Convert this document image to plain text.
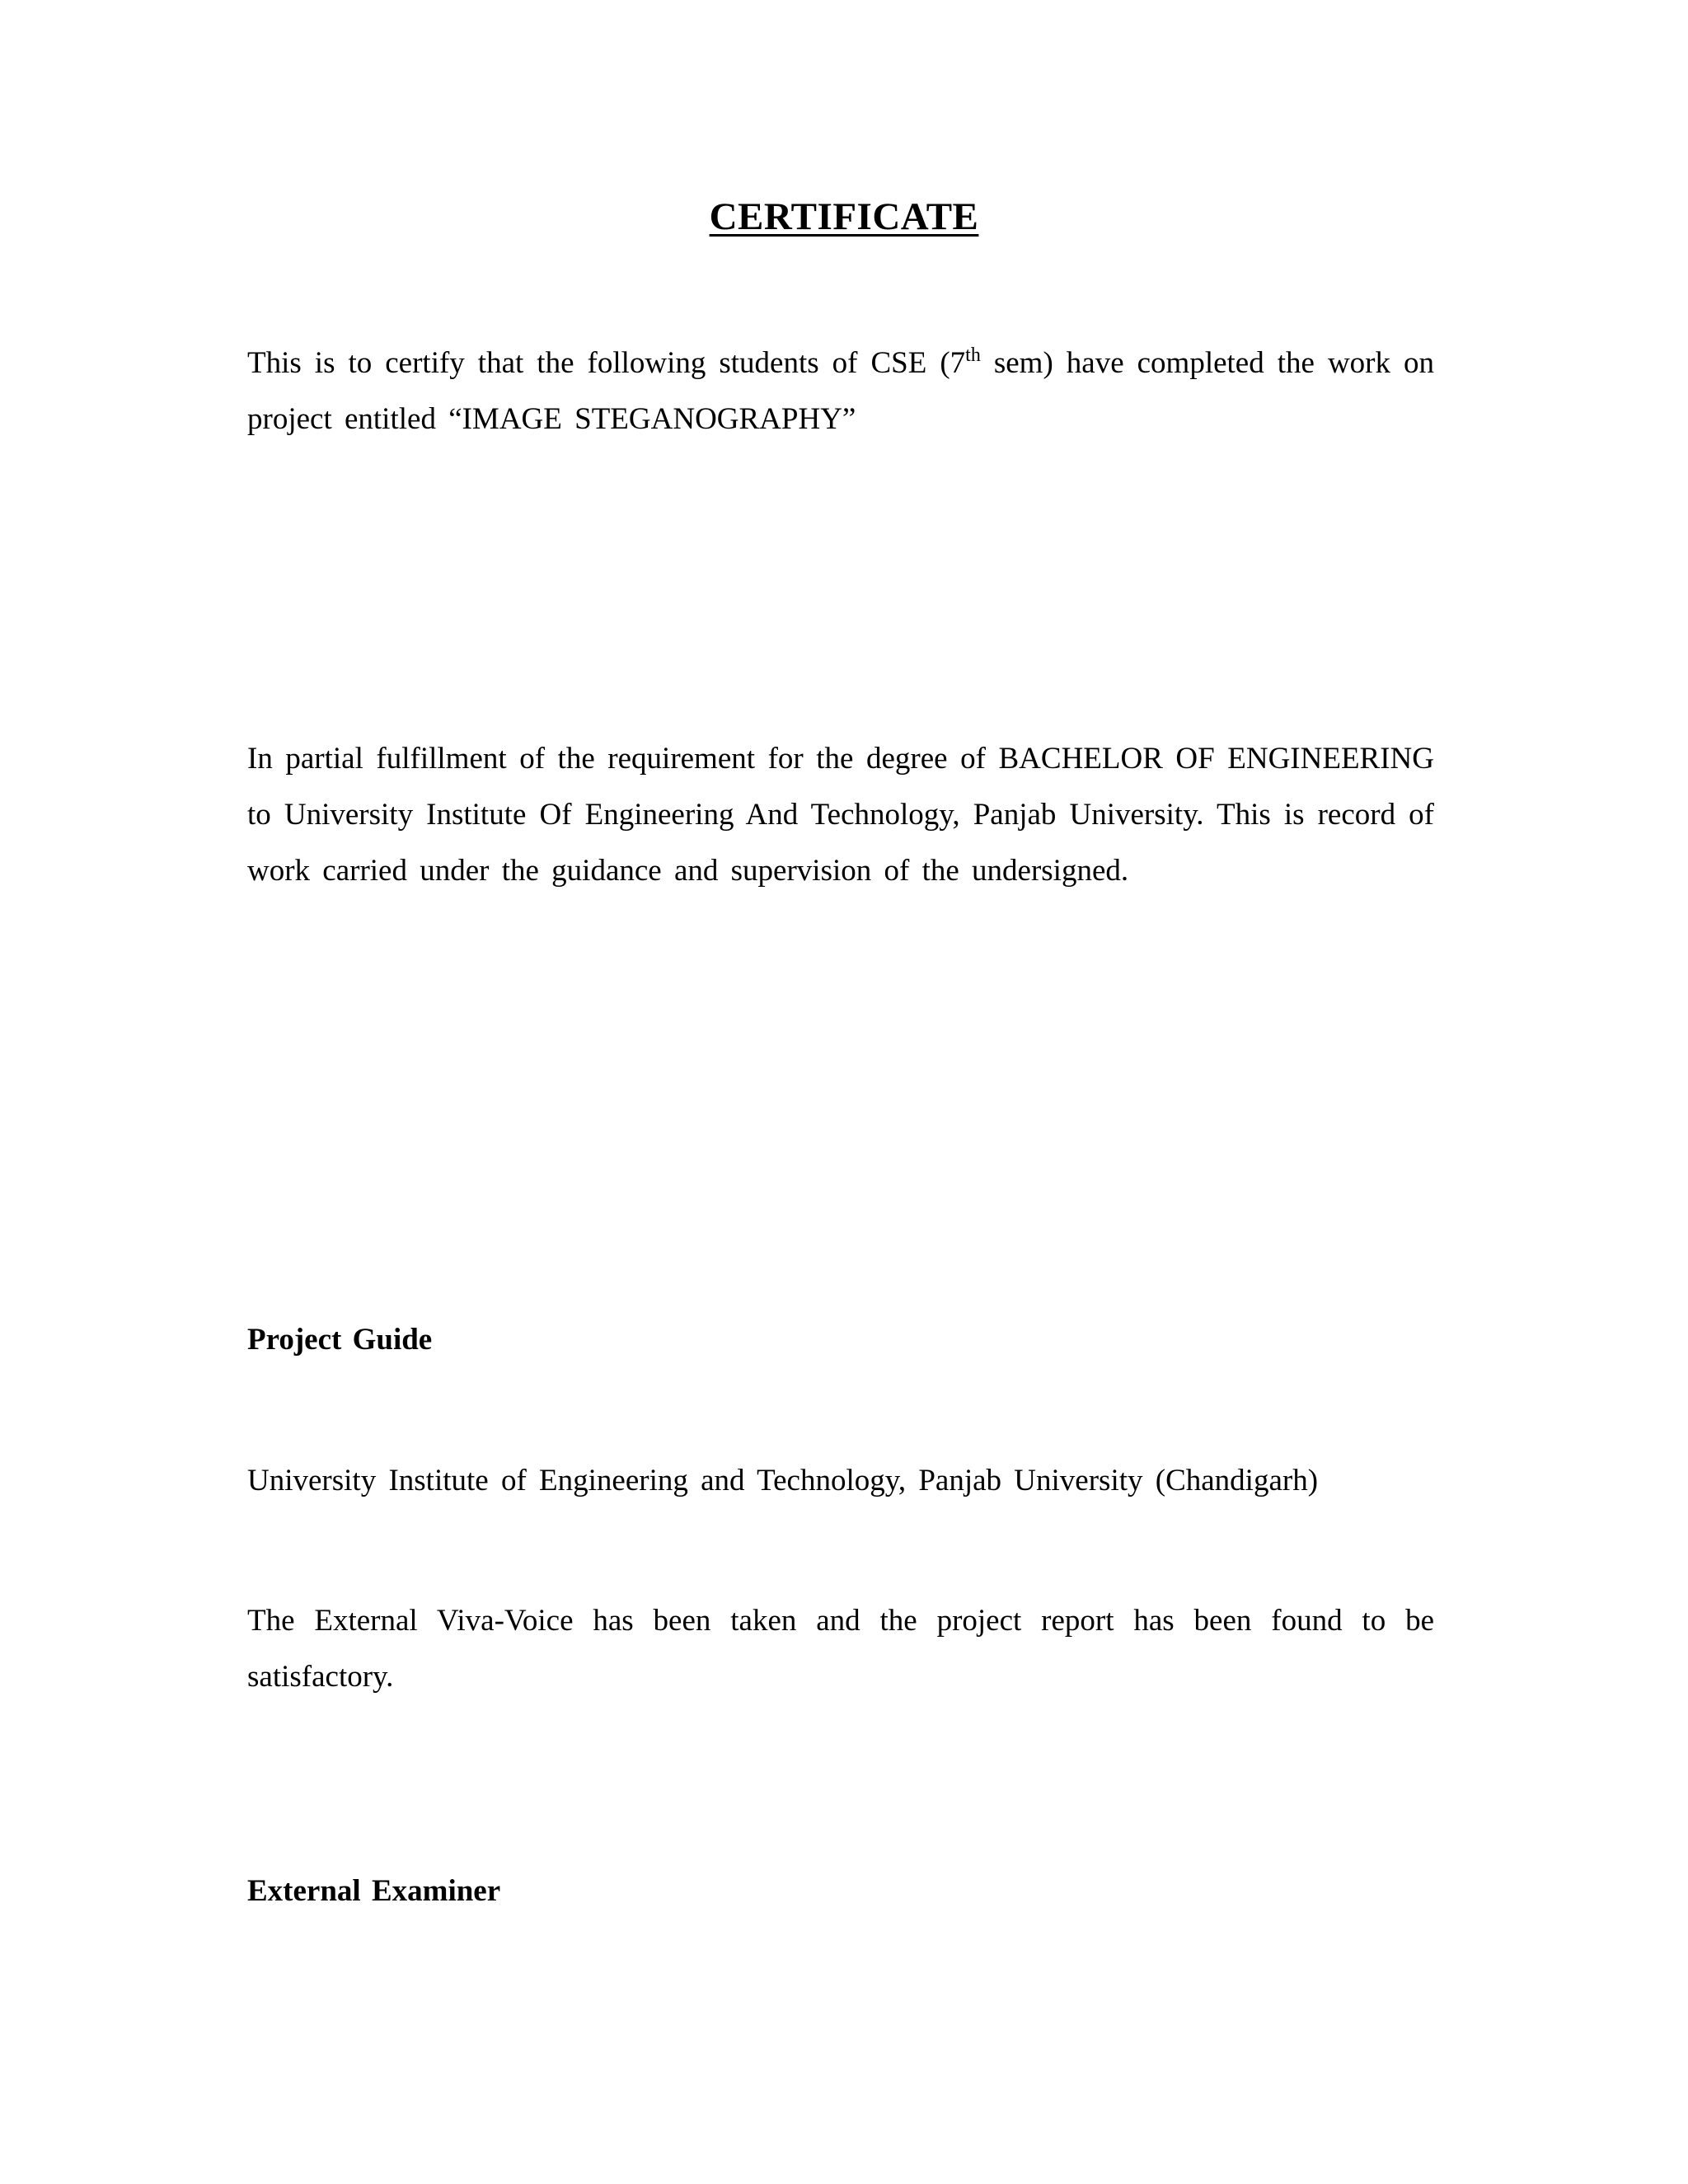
CERTIFICATE
This is to certify that the following students of CSE (7th sem) have completed the work on project entitled “IMAGE STEGANOGRAPHY”
In partial fulfillment of the requirement for the degree of BACHELOR OF ENGINEERING to University Institute Of Engineering And Technology, Panjab University. This is record of work carried under the guidance and supervision of the undersigned.
Project Guide
University Institute of Engineering and Technology, Panjab University (Chandigarh)
The External Viva-Voice has been taken and the project report has been found to be satisfactory.
External Examiner
